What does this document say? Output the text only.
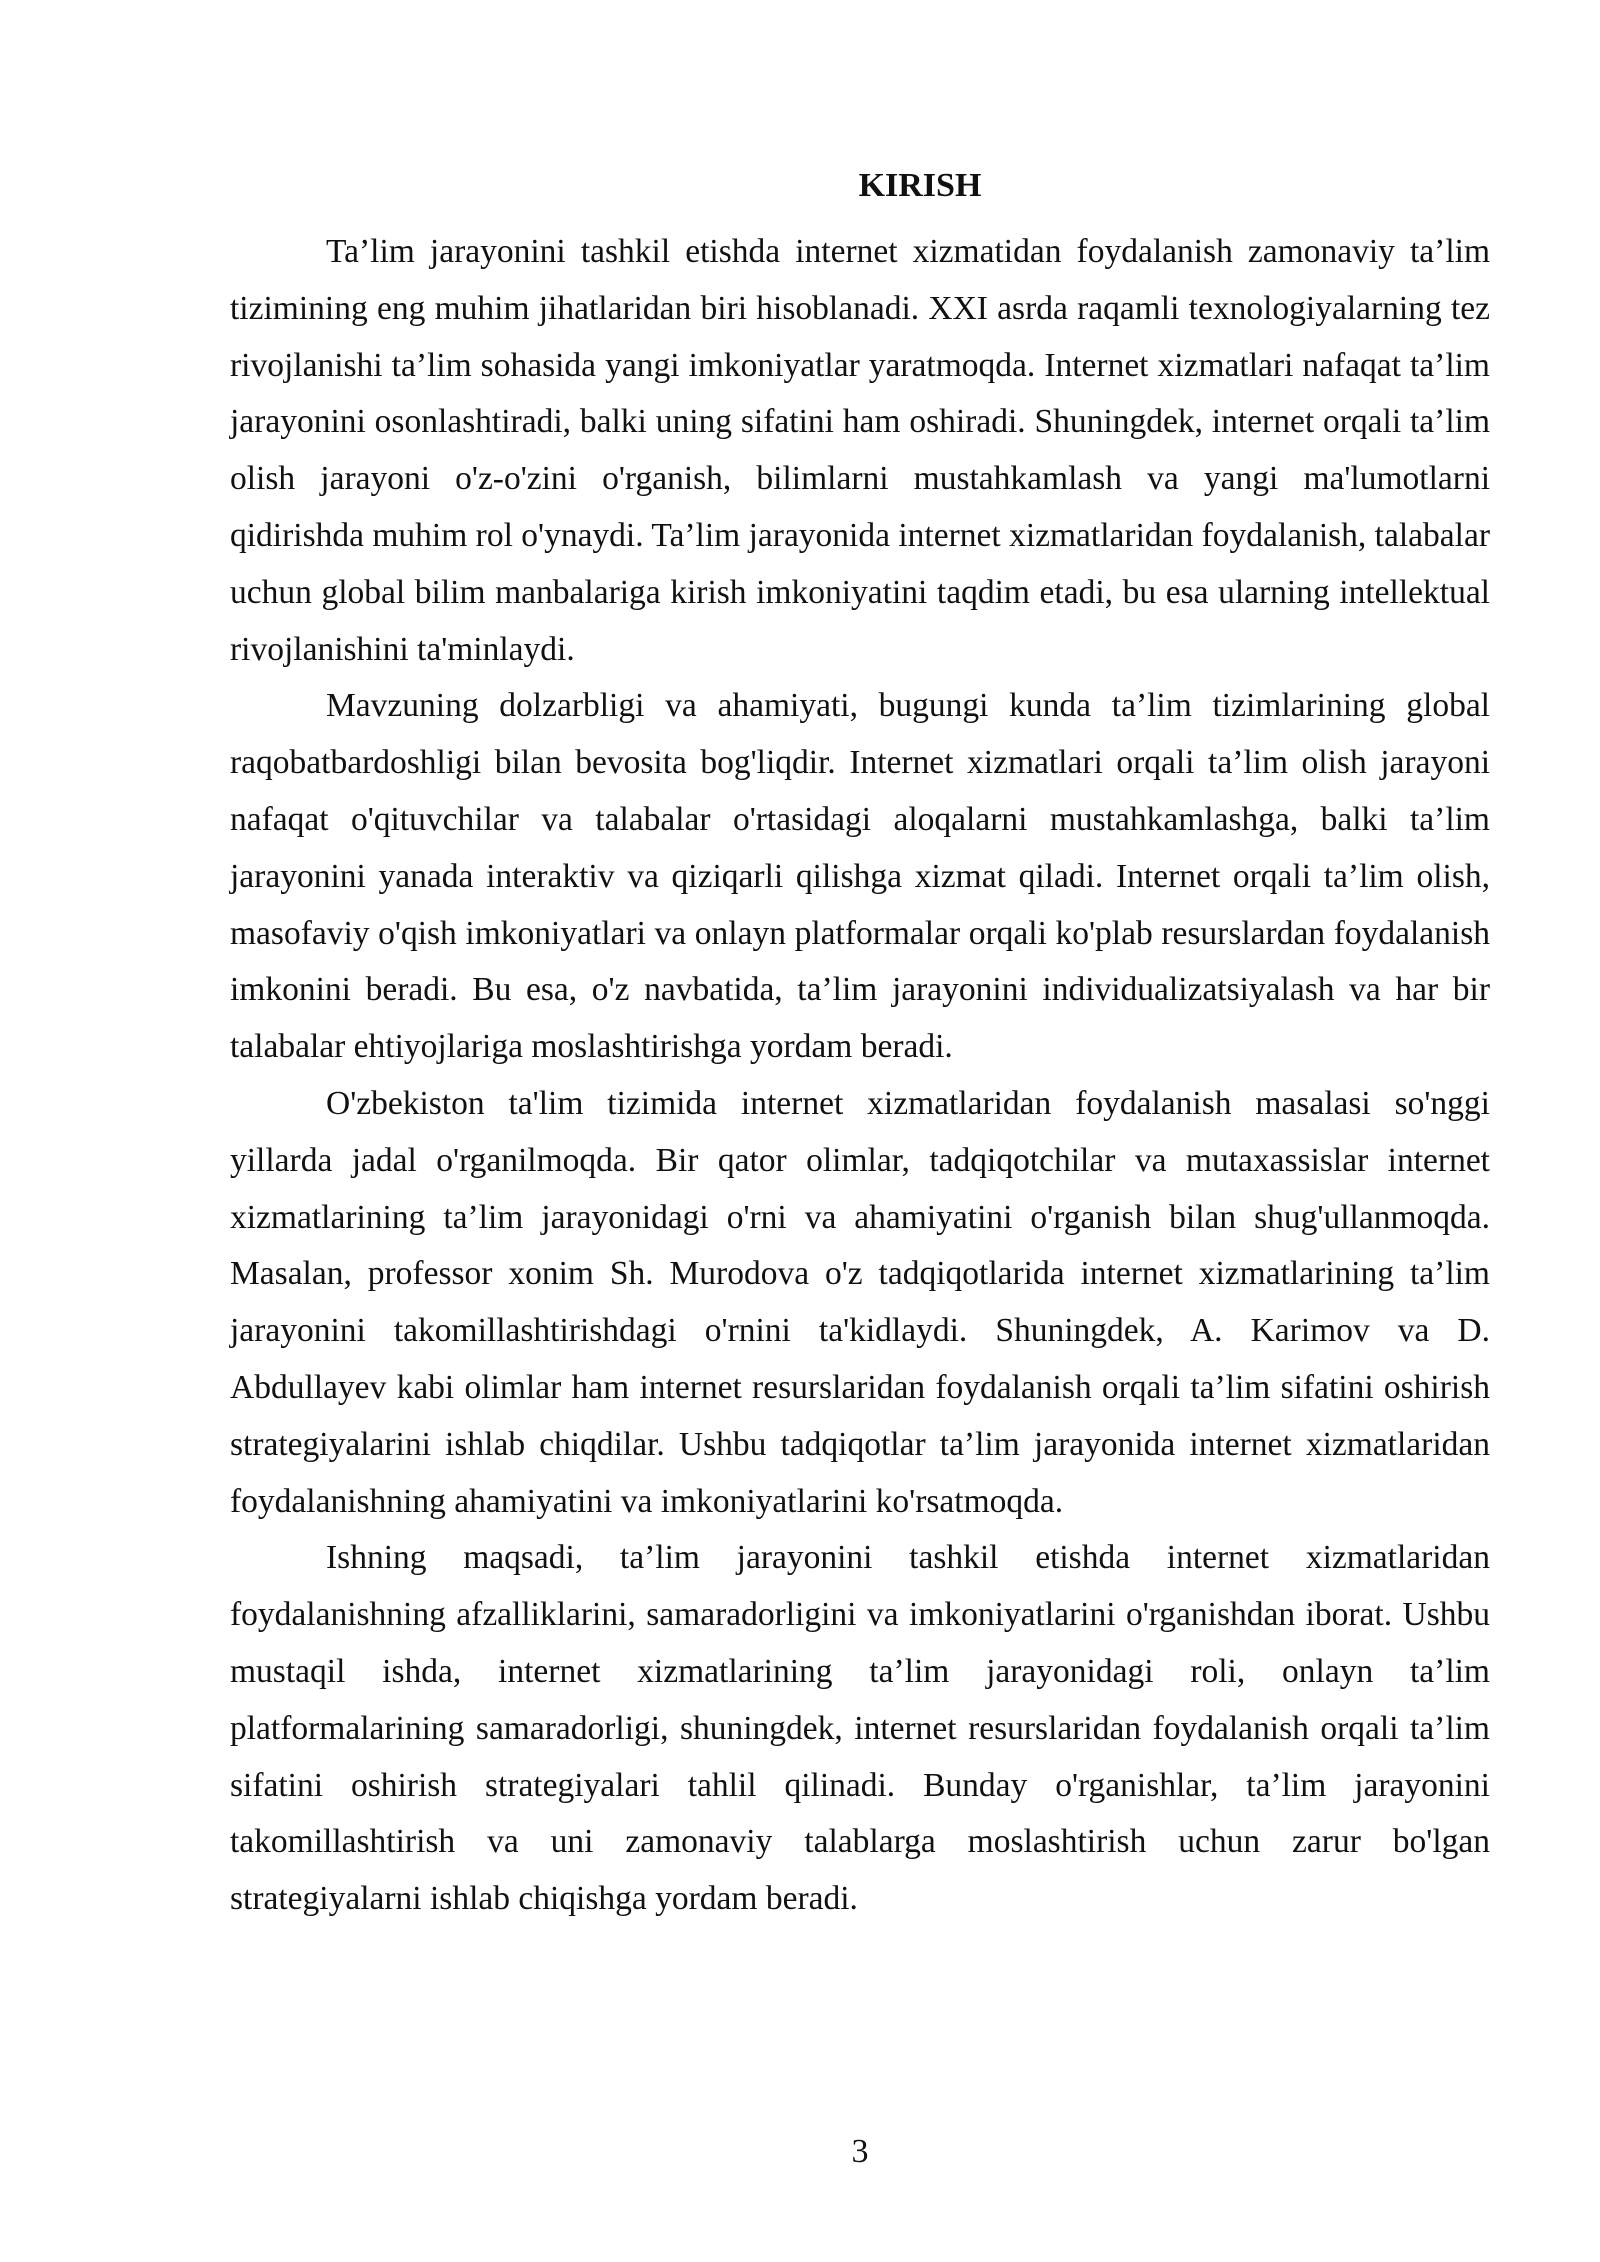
KIRISH

Ta’lim jarayonini tashkil etishda internet xizmatidan foydalanish zamonaviy ta’lim tizimining eng muhim jihatlaridan biri hisoblanadi. XXI asrda raqamli texnologiyalarning tez rivojlanishi ta’lim sohasida yangi imkoniyatlar yaratmoqda. Internet xizmatlari nafaqat ta’lim jarayonini osonlashtiradi, balki uning sifatini ham oshiradi. Shuningdek, internet orqali ta’lim olish jarayoni o'z-o'zini o'rganish, bilimlarni mustahkamlash va yangi ma'lumotlarni qidirishda muhim rol o'ynaydi. Ta’lim jarayonida internet xizmatlaridan foydalanish, talabalar uchun global bilim manbalariga kirish imkoniyatini taqdim etadi, bu esa ularning intellektual rivojlanishini ta'minlaydi.

Mavzuning dolzarbligi va ahamiyati, bugungi kunda ta’lim tizimlarining global raqobatbardoshligi bilan bevosita bog'liqdir. Internet xizmatlari orqali ta’lim olish jarayoni nafaqat o'qituvchilar va talabalar o'rtasidagi aloqalarni mustahkamlashga, balki ta’lim jarayonini yanada interaktiv va qiziqarli qilishga xizmat qiladi. Internet orqali ta’lim olish, masofaviy o'qish imkoniyatlari va onlayn platformalar orqali ko'plab resurslardan foydalanish imkonini beradi. Bu esa, o'z navbatida, ta’lim jarayonini individualizatsiyalash va har bir talabalar ehtiyojlariga moslashtirishga yordam beradi.

O'zbekiston ta'lim tizimida internet xizmatlaridan foydalanish masalasi so'nggi yillarda jadal o'rganilmoqda. Bir qator olimlar, tadqiqotchilar va mutaxassislar internet xizmatlarining ta’lim jarayonidagi o'rni va ahamiyatini o'rganish bilan shug'ullanmoqda. Masalan, professor xonim Sh. Murodova o'z tadqiqotlarida internet xizmatlarining ta’lim jarayonini takomillashtirishdagi o'rnini ta'kidlaydi. Shuningdek, A. Karimov va D. Abdullayev kabi olimlar ham internet resurslaridan foydalanish orqali ta’lim sifatini oshirish strategiyalarini ishlab chiqdilar. Ushbu tadqiqotlar ta’lim jarayonida internet xizmatlaridan foydalanishning ahamiyatini va imkoniyatlarini ko'rsatmoqda.

Ishning maqsadi, ta’lim jarayonini tashkil etishda internet xizmatlaridan foydalanishning afzalliklarini, samaradorligini va imkoniyatlarini o'rganishdan iborat. Ushbu mustaqil ishda, internet xizmatlarining ta’lim jarayonidagi roli, onlayn ta’lim platformalarining samaradorligi, shuningdek, internet resurslaridan foydalanish orqali ta’lim sifatini oshirish strategiyalari tahlil qilinadi. Bunday o'rganishlar, ta’lim jarayonini takomillashtirish va uni zamonaviy talablarga moslashtirish uchun zarur bo'lgan strategiyalarni ishlab chiqishga yordam beradi.

3
